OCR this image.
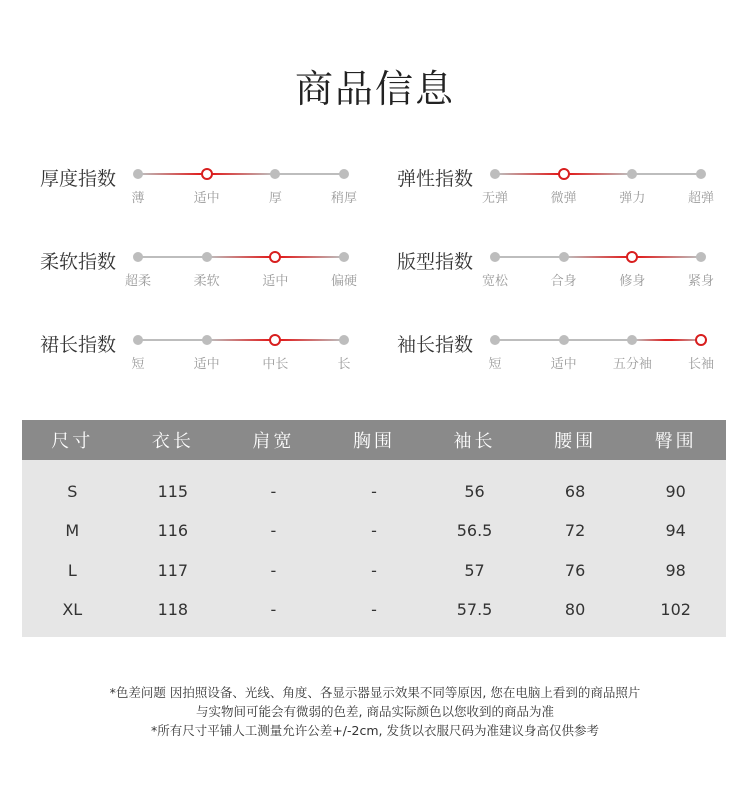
商品信息
厚度指数
薄	适中	厚	稍厚
弹性指数
无弹	微弹	弹力	超弹
柔软指数
超柔	柔软	适中	偏硬
版型指数
宽松	合身	修身	紧身
裙长指数
短	适中	中长	长
袖长指数
短	适中	五分袖	长袖
尺寸	衣长	肩宽	胸围	袖长	腰围	臀围
S	115	-	-	56	68	90
M	116	-	-	56.5	72	94
L	117	-	-	57	76	98
XL	118	-	-	57.5	80	102
*色差问题 因拍照设备、光线、角度、各显示器显示效果不同等原因, 您在电脑上看到的商品照片
与实物间可能会有微弱的色差, 商品实际颜色以您收到的商品为准
*所有尺寸平铺人工测量允许公差+/-2cm, 发货以衣服尺码为准建议身高仅供参考
